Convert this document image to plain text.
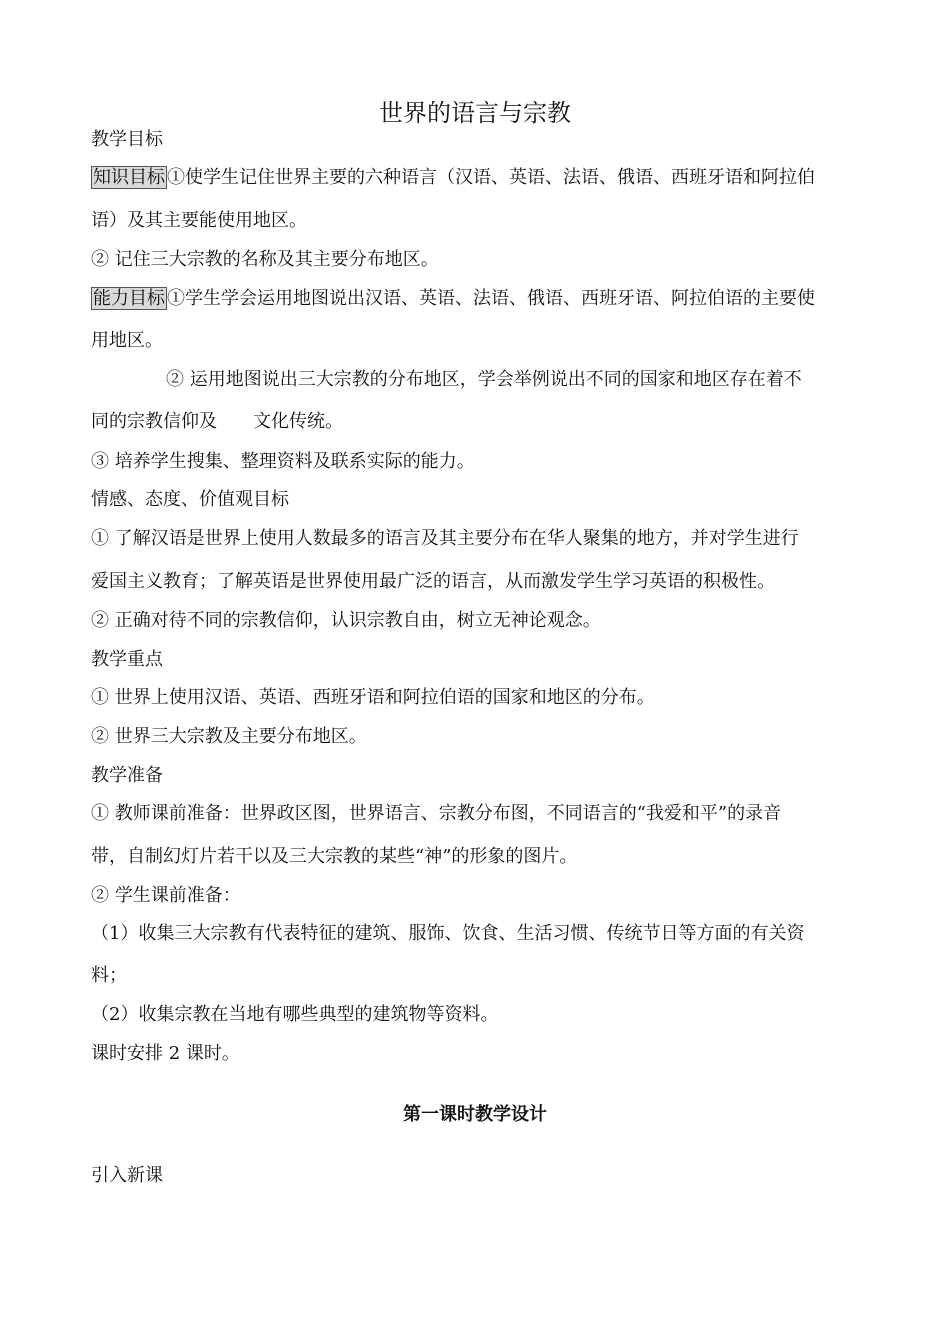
世界的语言与宗教
教学目标
知识目标 ①使学生记住世界主要的六种语言（汉语、英语、法语、俄语、西班牙语和阿拉伯
语）及其主要能使用地区。
② 记住三大宗教的名称及其主要分布地区。
能力目标 ①学生学会运用地图说出汉语、英语、法语、俄语、西班牙语、阿拉伯语的主要使
用地区。
② 运用地图说出三大宗教的分布地区，学会举例说出不同的国家和地区存在着不
同的宗教信仰及 文化传统。
③ 培养学生搜集、整理资料及联系实际的能力。
情感、态度、价值观目标
① 了解汉语是世界上使用人数最多的语言及其主要分布在华人聚集的地方，并对学生进行
爱国主义教育；了解英语是世界使用最广泛的语言，从而激发学生学习英语的积极性。
② 正确对待不同的宗教信仰，认识宗教自由，树立无神论观念。
教学重点
① 世界上使用汉语、英语、西班牙语和阿拉伯语的国家和地区的分布。
② 世界三大宗教及主要分布地区。
教学准备
① 教师课前准备：世界政区图，世界语言、宗教分布图，不同语言的“我爱和平”的录音
带，自制幻灯片若干以及三大宗教的某些“神”的形象的图片。
② 学生课前准备：
（1）收集三大宗教有代表特征的建筑、服饰、饮食、生活习惯、传统节日等方面的有关资
料；
（2）收集宗教在当地有哪些典型的建筑物等资料。
课时安排 2 课时。
第一课时教学设计
引入新课
